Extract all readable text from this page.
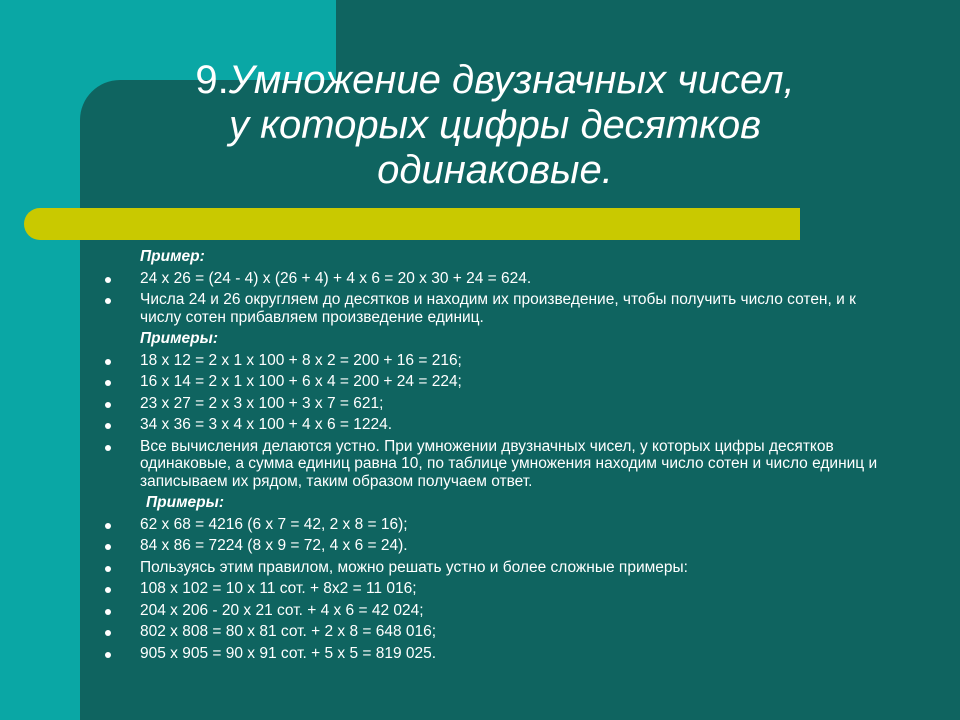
9.Умножение двузначных чисел,
у которых цифры десятков
одинаковые.
Пример:
24 x 26 = (24 - 4) x (26 + 4) + 4 x 6 = 20 x 30 + 24 = 624.
Числа 24 и 26 округляем до десятков и находим их произведение, чтобы получить число сотен, и к числу сотен прибавляем произведение единиц.
Примеры:
18 x 12 = 2 x 1 x 100 + 8 x 2 = 200 + 16 = 216;
16 x 14 = 2 x 1 x 100 + 6 x 4 = 200 + 24 = 224;
23 x 27 = 2 x 3 x 100 + 3 x 7 = 621;
34 x 36 = 3 x 4 x 100 + 4 x 6 = 1224.
Все вычисления делаются устно. При умножении двузначных чисел, у которых цифры десятков одинаковые, а сумма единиц равна 10, по таблице умножения находим число сотен и число единиц и записываем их рядом, таким образом получаем ответ.
Примеры:
62 x 68 = 4216 (6 x 7 = 42, 2 x 8 = 16);
84 x 86 = 7224 (8 x 9 = 72, 4 x 6 = 24).
Пользуясь этим правилом, можно решать устно и более сложные примеры:
108 x 102 = 10 x 11 сот. + 8x2 = 11 016;
204 x 206 - 20 x 21 сот. + 4 x 6 = 42 024;
802 x 808 = 80 x 81 сот. + 2 x 8 = 648 016;
905 x 905 = 90 x 91 сот. + 5 x 5 = 819 025.
